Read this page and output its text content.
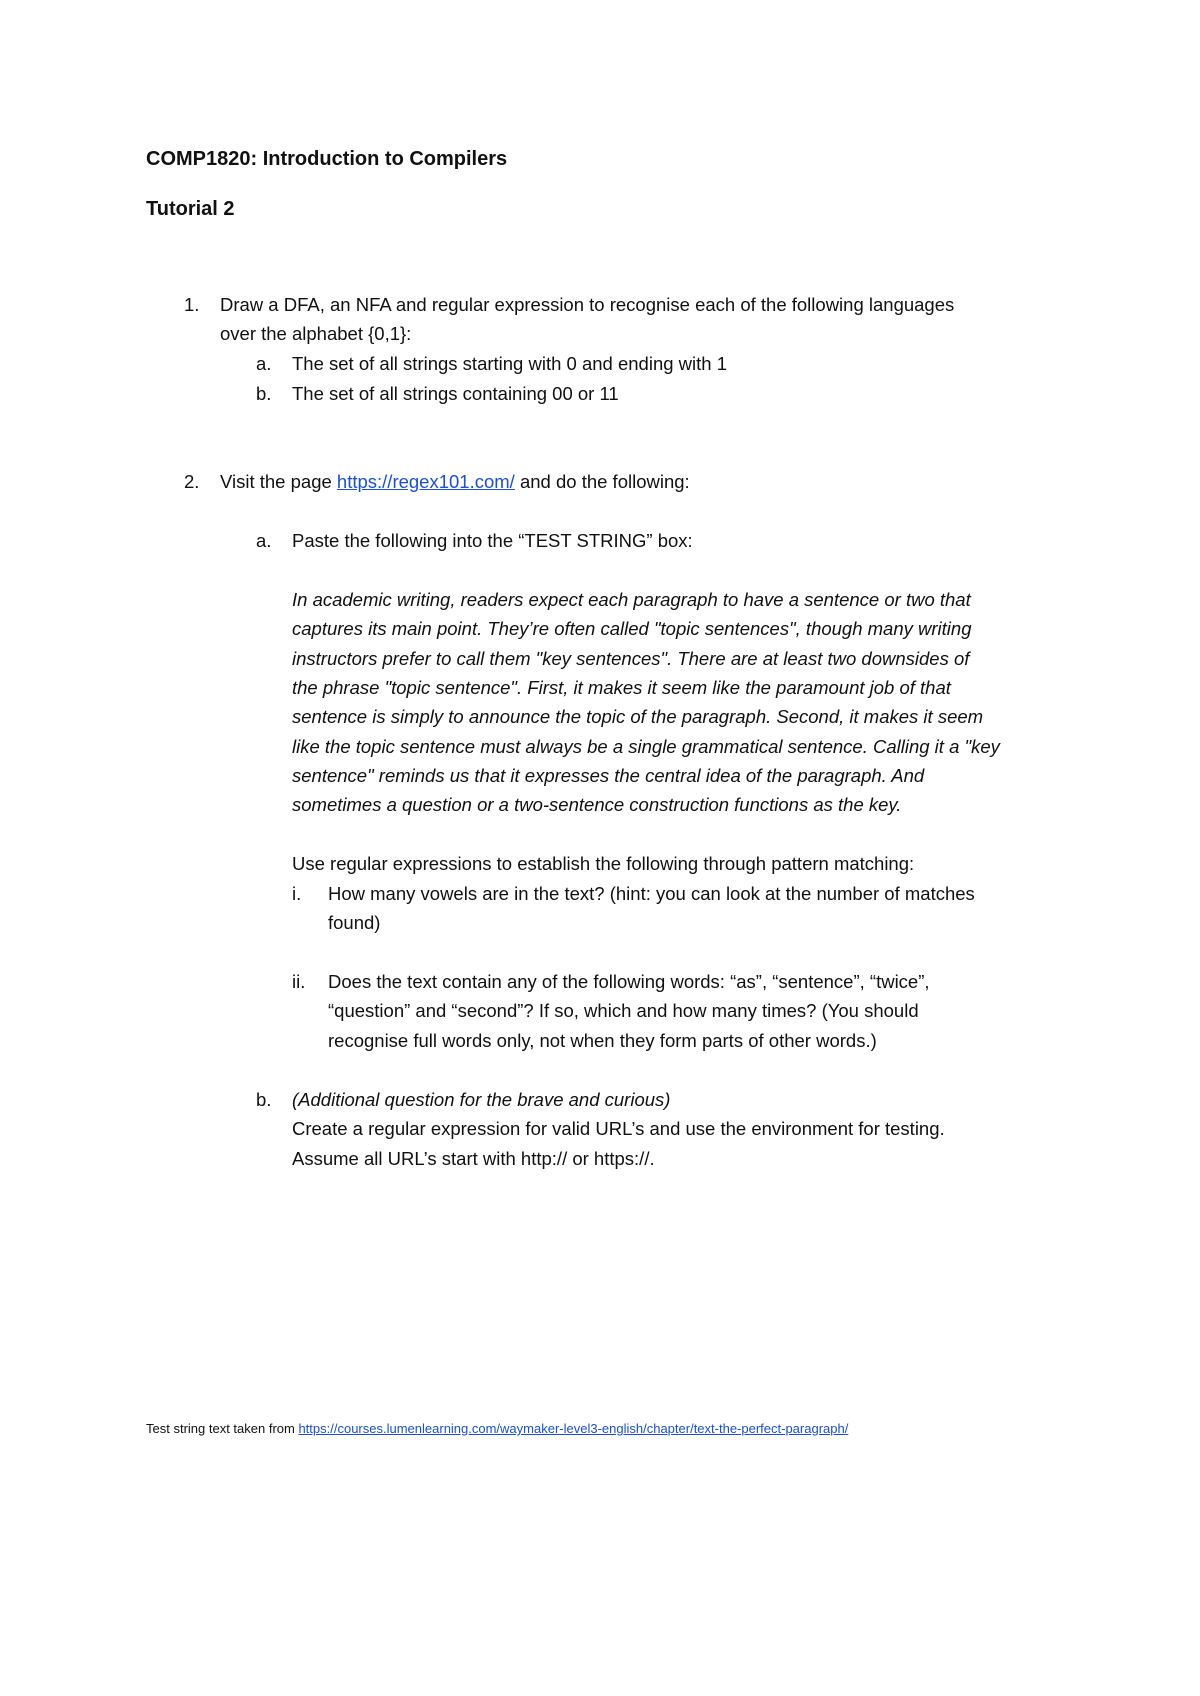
COMP1820: Introduction to Compilers
Tutorial 2
1. Draw a DFA, an NFA and regular expression to recognise each of the following languages
over the alphabet {0,1}:
a. The set of all strings starting with 0 and ending with 1
b. The set of all strings containing 00 or 11
2. Visit the page https://regex101.com/ and do the following:
a. Paste the following into the “TEST STRING” box:
In academic writing, readers expect each paragraph to have a sentence or two that
captures its main point. They’re often called "topic sentences", though many writing
instructors prefer to call them "key sentences". There are at least two downsides of
the phrase "topic sentence". First, it makes it seem like the paramount job of that
sentence is simply to announce the topic of the paragraph. Second, it makes it seem
like the topic sentence must always be a single grammatical sentence. Calling it a "key
sentence" reminds us that it expresses the central idea of the paragraph. And
sometimes a question or a two-sentence construction functions as the key.
Use regular expressions to establish the following through pattern matching:
i. How many vowels are in the text? (hint: you can look at the number of matches
found)
ii. Does the text contain any of the following words: “as”, “sentence”, “twice”,
“question” and “second”? If so, which and how many times? (You should
recognise full words only, not when they form parts of other words.)
b. (Additional question for the brave and curious)
Create a regular expression for valid URL’s and use the environment for testing.
Assume all URL’s start with http:// or https://.
Test string text taken from https://courses.lumenlearning.com/waymaker-level3-english/chapter/text-the-perfect-paragraph/
